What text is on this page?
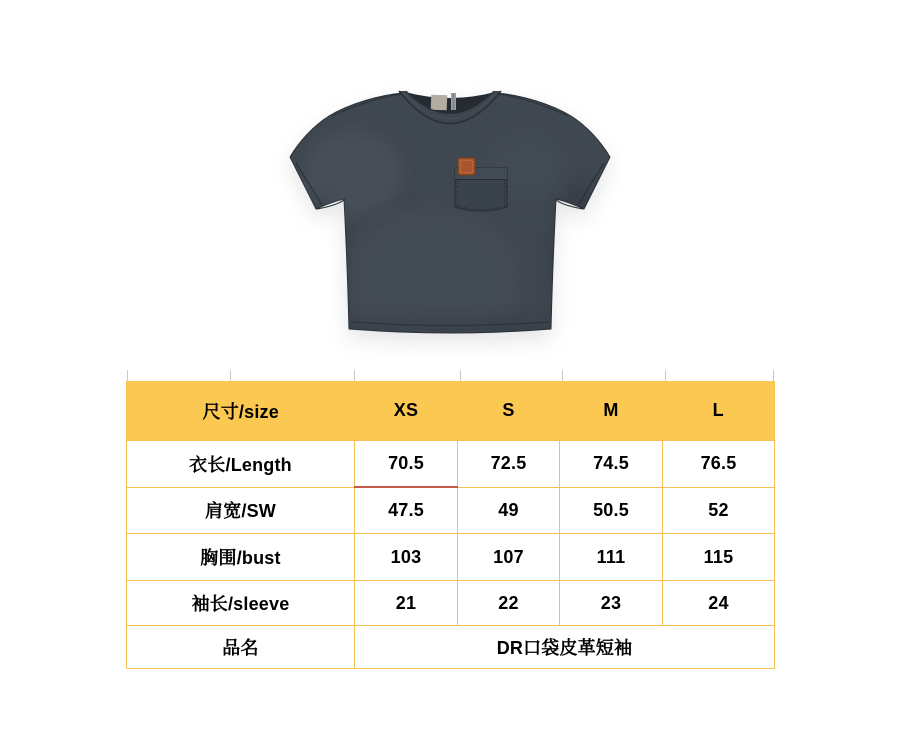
尺寸/size	XS	S	M	L
衣长/Length	70.5	72.5	74.5	76.5
肩宽/SW	47.5	49	50.5	52
胸围/bust	103	107	111	115
袖长/sleeve	21	22	23	24
品名	DR口袋皮革短袖			
